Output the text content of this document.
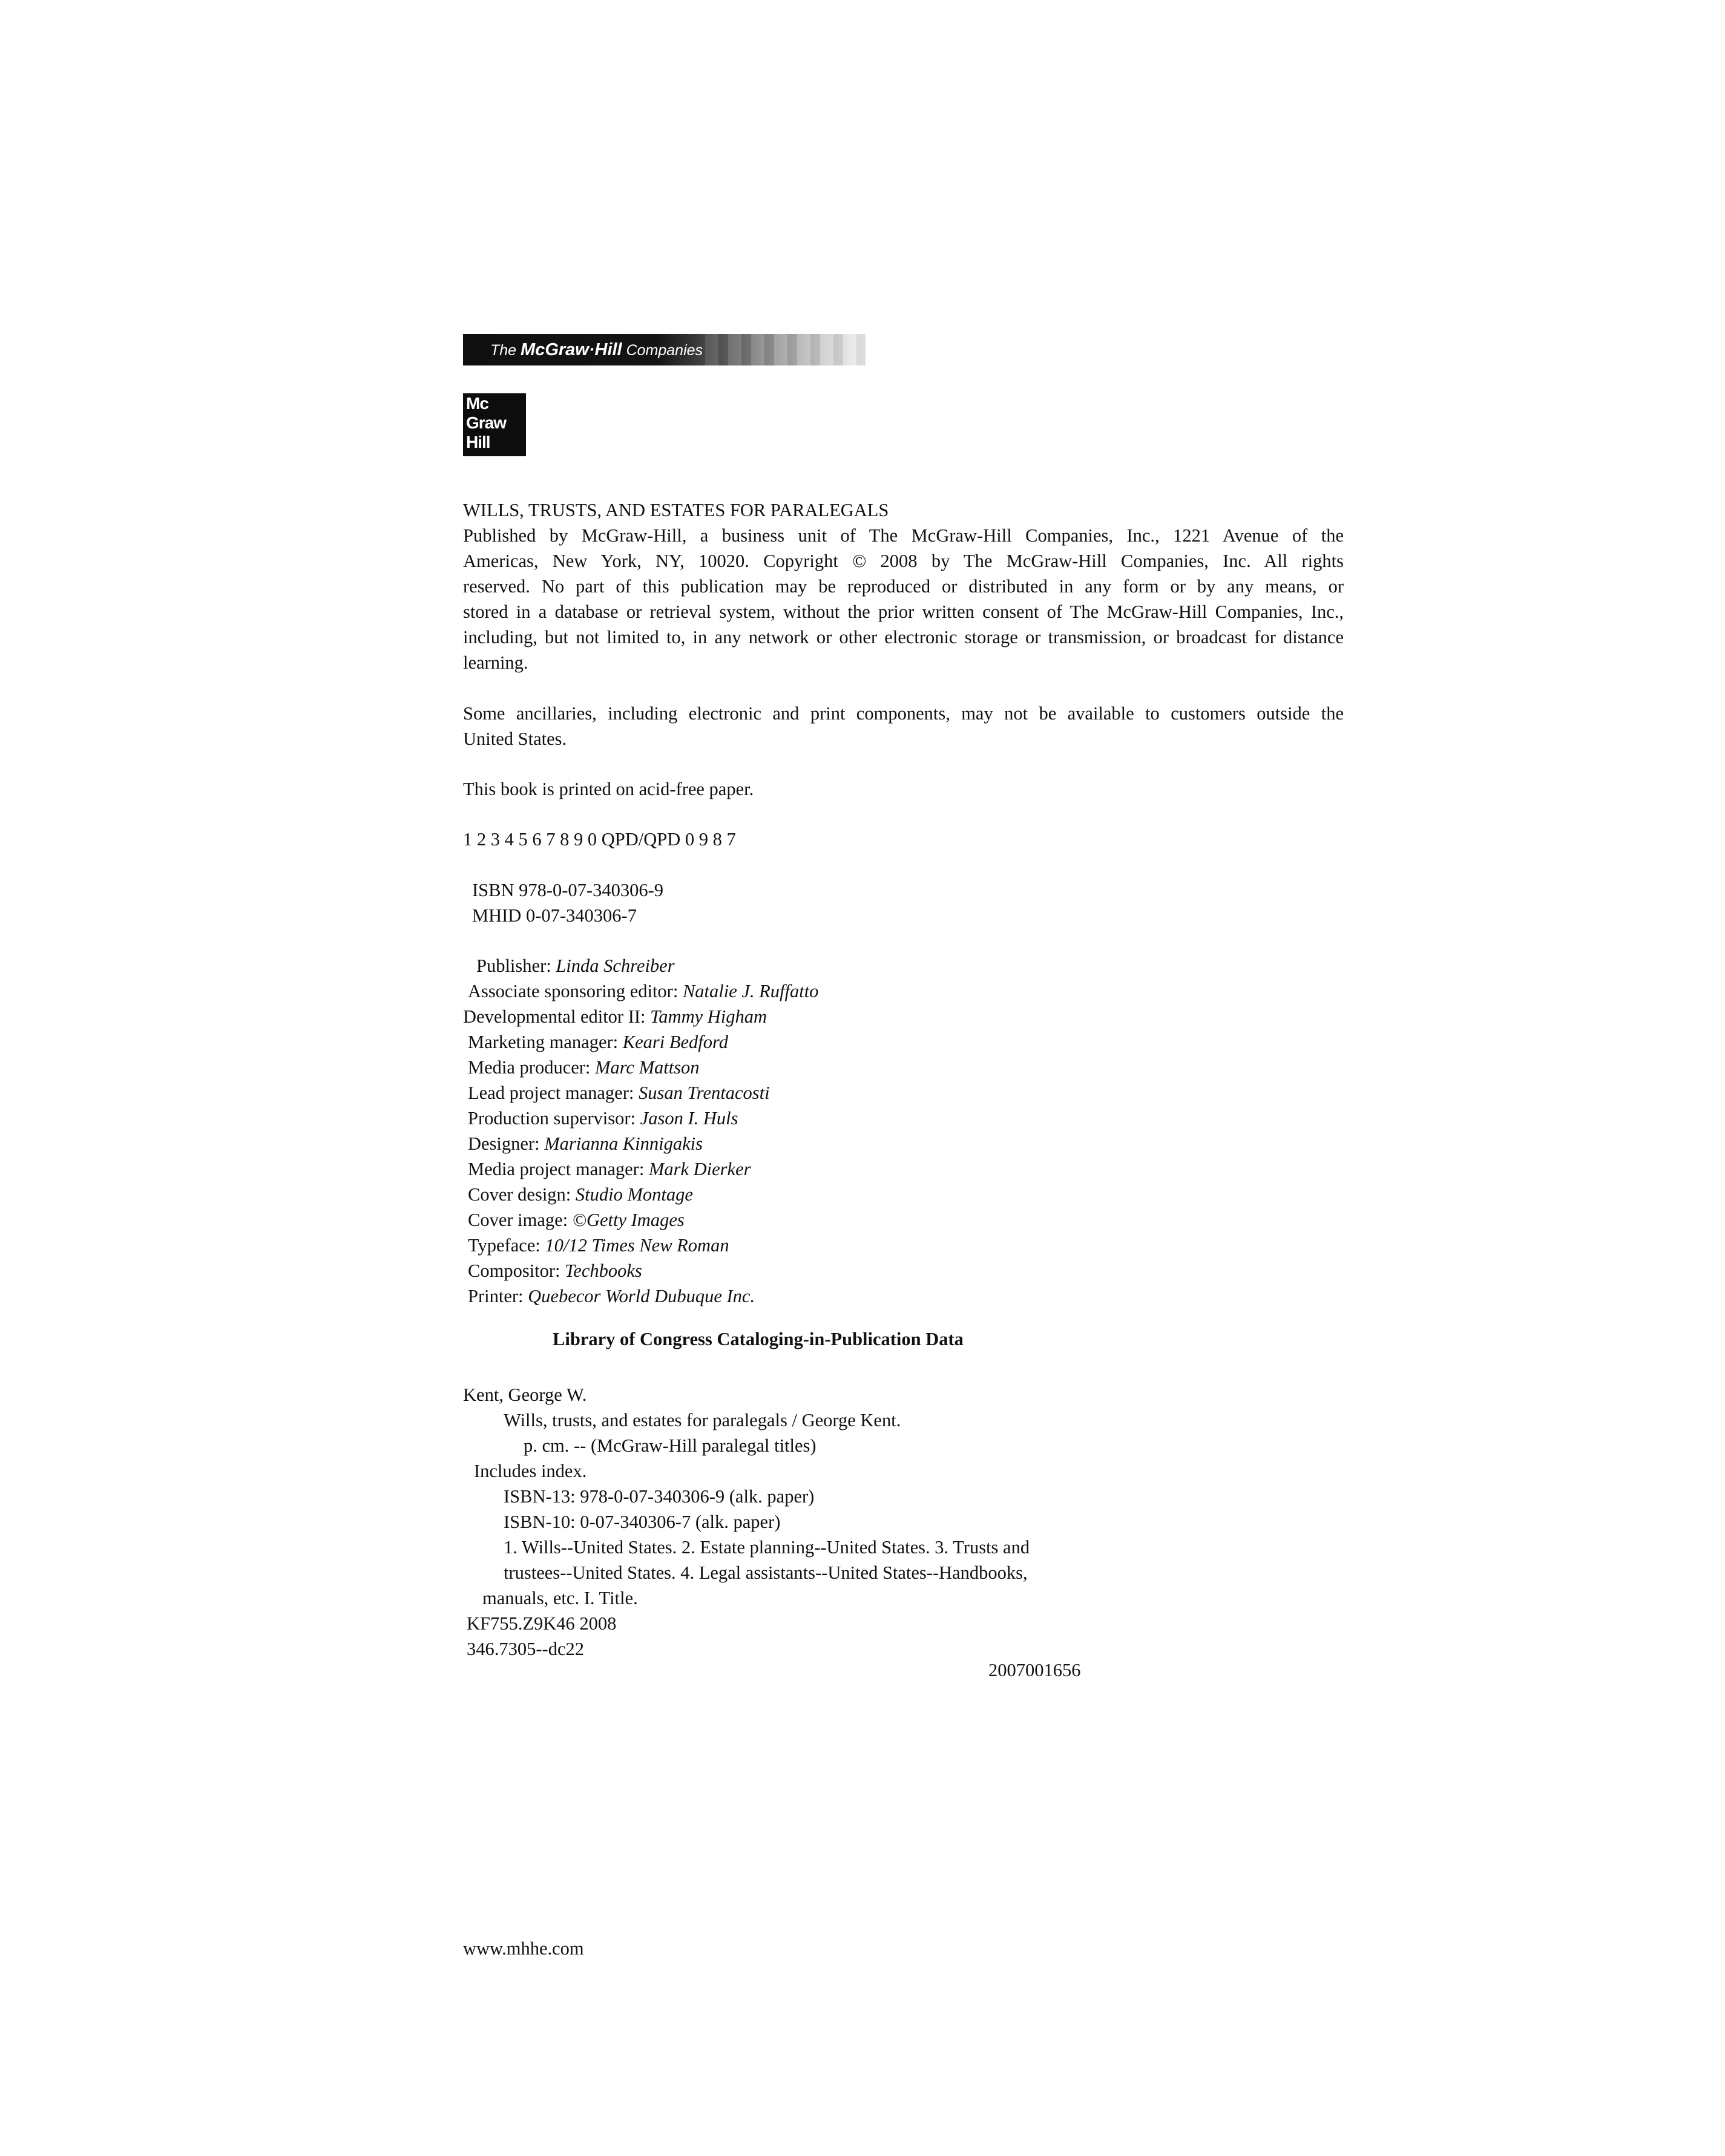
The McGraw·Hill Companies
Mc
Graw
Hill
WILLS, TRUSTS, AND ESTATES FOR PARALEGALS
Published by McGraw-Hill, a business unit of The McGraw-Hill Companies, Inc., 1221 Avenue of the
Americas, New York, NY, 10020. Copyright © 2008 by The McGraw-Hill Companies, Inc. All rights
reserved. No part of this publication may be reproduced or distributed in any form or by any means, or
stored in a database or retrieval system, without the prior written consent of The McGraw-Hill Companies, Inc.,
including, but not limited to, in any network or other electronic storage or transmission, or broadcast for distance
learning.
Some ancillaries, including electronic and print components, may not be available to customers outside the
United States.
This book is printed on acid-free paper.
1 2 3 4 5 6 7 8 9 0 QPD/QPD 0 9 8 7
ISBN 978-0-07-340306-9
MHID 0-07-340306-7
Publisher: Linda Schreiber
Associate sponsoring editor: Natalie J. Ruffatto
Developmental editor II: Tammy Higham
Marketing manager: Keari Bedford
Media producer: Marc Mattson
Lead project manager: Susan Trentacosti
Production supervisor: Jason I. Huls
Designer: Marianna Kinnigakis
Media project manager: Mark Dierker
Cover design: Studio Montage
Cover image: ©Getty Images
Typeface: 10/12 Times New Roman
Compositor: Techbooks
Printer: Quebecor World Dubuque Inc.
Library of Congress Cataloging-in-Publication Data
Kent, George W.
Wills, trusts, and estates for paralegals / George Kent.
p. cm. -- (McGraw-Hill paralegal titles)
Includes index.
ISBN-13: 978-0-07-340306-9 (alk. paper)
ISBN-10: 0-07-340306-7 (alk. paper)
1. Wills--United States. 2. Estate planning--United States. 3. Trusts and
trustees--United States. 4. Legal assistants--United States--Handbooks,
manuals, etc. I. Title.
KF755.Z9K46 2008
346.7305--dc22
2007001656
www.mhhe.com
